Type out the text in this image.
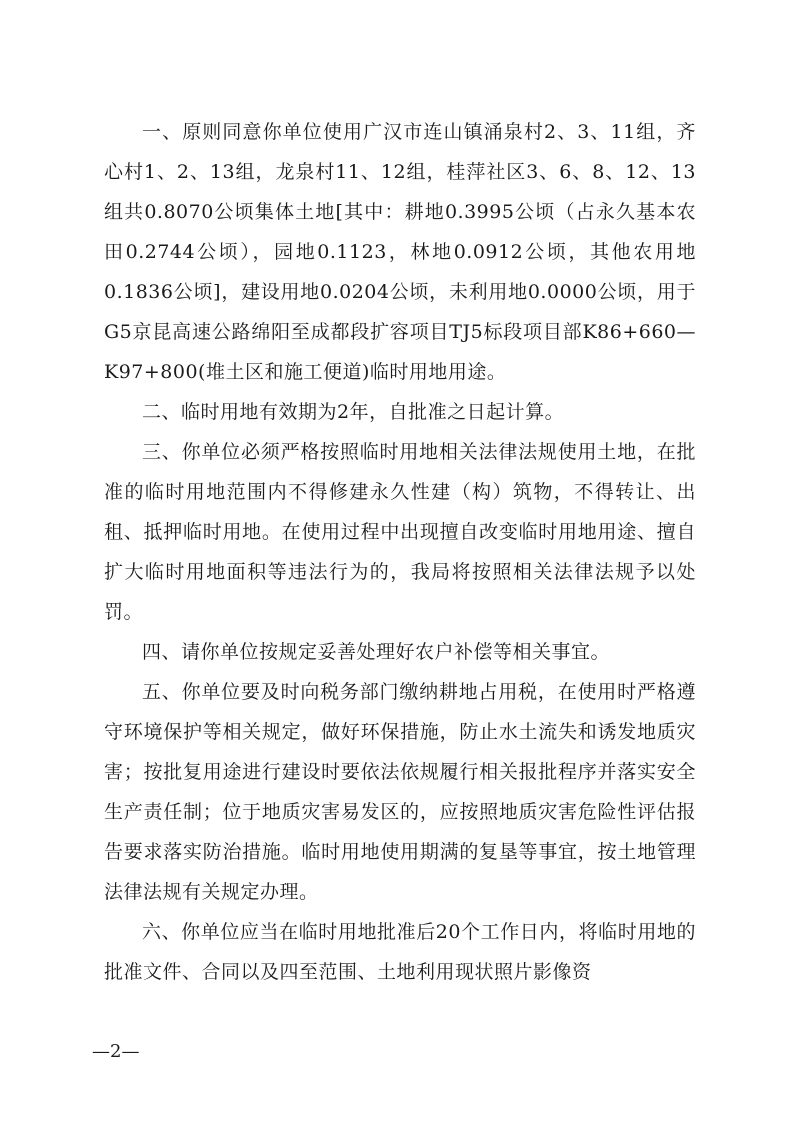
一、原则同意你单位使用广汉市连山镇涌泉村2、3、11组，齐心村1、2、13组，龙泉村11、12组，桂萍社区3、6、8、12、13组共0.8070公顷集体土地[其中：耕地0.3995公顷（占永久基本农田0.2744公顷），园地0.1123，林地0.0912公顷，其他农用地0.1836公顷]，建设用地0.0204公顷，未利用地0.0000公顷，用于G5京昆高速公路绵阳至成都段扩容项目TJ5标段项目部K86+660—K97+800(堆土区和施工便道)临时用地用途。

二、临时用地有效期为2年，自批准之日起计算。

三、你单位必须严格按照临时用地相关法律法规使用土地，在批准的临时用地范围内不得修建永久性建（构）筑物，不得转让、出租、抵押临时用地。在使用过程中出现擅自改变临时用地用途、擅自扩大临时用地面积等违法行为的，我局将按照相关法律法规予以处罚。

四、请你单位按规定妥善处理好农户补偿等相关事宜。

五、你单位要及时向税务部门缴纳耕地占用税，在使用时严格遵守环境保护等相关规定，做好环保措施，防止水土流失和诱发地质灾害；按批复用途进行建设时要依法依规履行相关报批程序并落实安全生产责任制；位于地质灾害易发区的，应按照地质灾害危险性评估报告要求落实防治措施。临时用地使用期满的复垦等事宜，按土地管理法律法规有关规定办理。

六、你单位应当在临时用地批准后20个工作日内，将临时用地的批准文件、合同以及四至范围、土地利用现状照片影像资

—2—
